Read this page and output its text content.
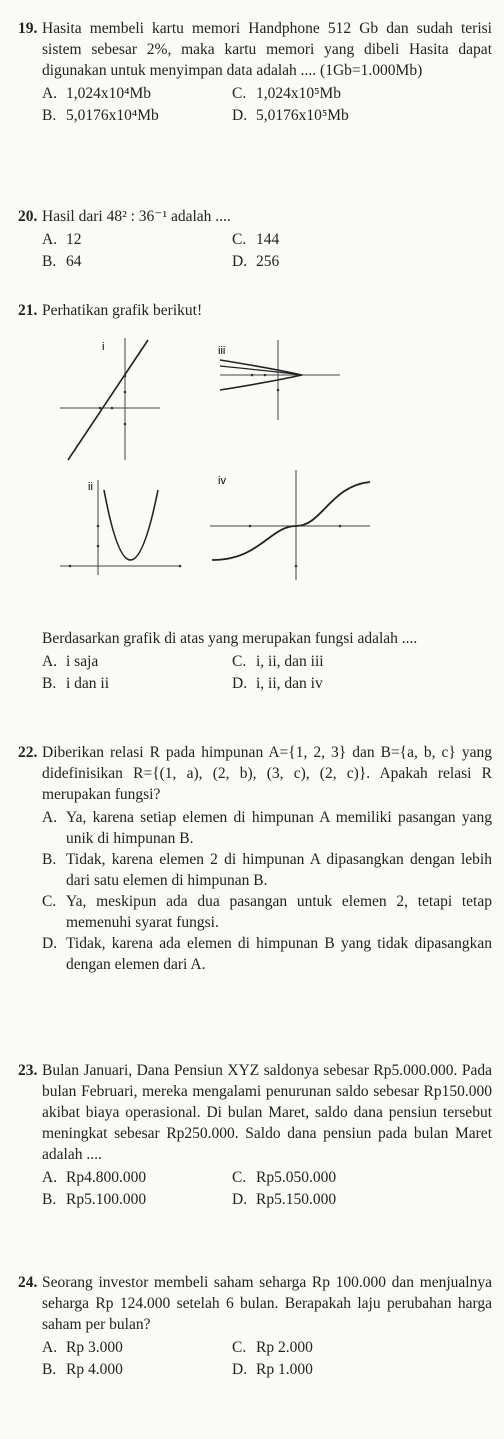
19. Hasita membeli kartu memori Handphone 512 Gb dan sudah terisi sistem sebesar 2%, maka kartu memori yang dibeli Hasita dapat digunakan untuk menyimpan data adalah .... (1Gb=1.000Mb)
A. 1,024x10⁴Mb	C. 1,024x10⁵Mb
B. 5,0176x10⁴Mb	D. 5,0176x10⁵Mb
20. Hasil dari 48² : 36⁻¹ adalah ....
A. 12	C. 144
B. 64	D. 256
21. Perhatikan grafik berikut!
i	iii
ii	iv
Berdasarkan grafik di atas yang merupakan fungsi adalah ....
A. i saja	C. i, ii, dan iii
B. i dan ii	D. i, ii, dan iv
22. Diberikan relasi R pada himpunan A={1, 2, 3} dan B={a, b, c} yang didefinisikan R={(1, a), (2, b), (3, c), (2, c)}. Apakah relasi R merupakan fungsi?
A. Ya, karena setiap elemen di himpunan A memiliki pasangan yang unik di himpunan B.
B. Tidak, karena elemen 2 di himpunan A dipasangkan dengan lebih dari satu elemen di himpunan B.
C. Ya, meskipun ada dua pasangan untuk elemen 2, tetapi tetap memenuhi syarat fungsi.
D. Tidak, karena ada elemen di himpunan B yang tidak dipasangkan dengan elemen dari A.
23. Bulan Januari, Dana Pensiun XYZ saldonya sebesar Rp5.000.000. Pada bulan Februari, mereka mengalami penurunan saldo sebesar Rp150.000 akibat biaya operasional. Di bulan Maret, saldo dana pensiun tersebut meningkat sebesar Rp250.000. Saldo dana pensiun pada bulan Maret adalah ....
A. Rp4.800.000	C. Rp5.050.000
B. Rp5.100.000	D. Rp5.150.000
24. Seorang investor membeli saham seharga Rp 100.000 dan menjualnya seharga Rp 124.000 setelah 6 bulan. Berapakah laju perubahan harga saham per bulan?
A. Rp 3.000	C. Rp 2.000
B. Rp 4.000	D. Rp 1.000
